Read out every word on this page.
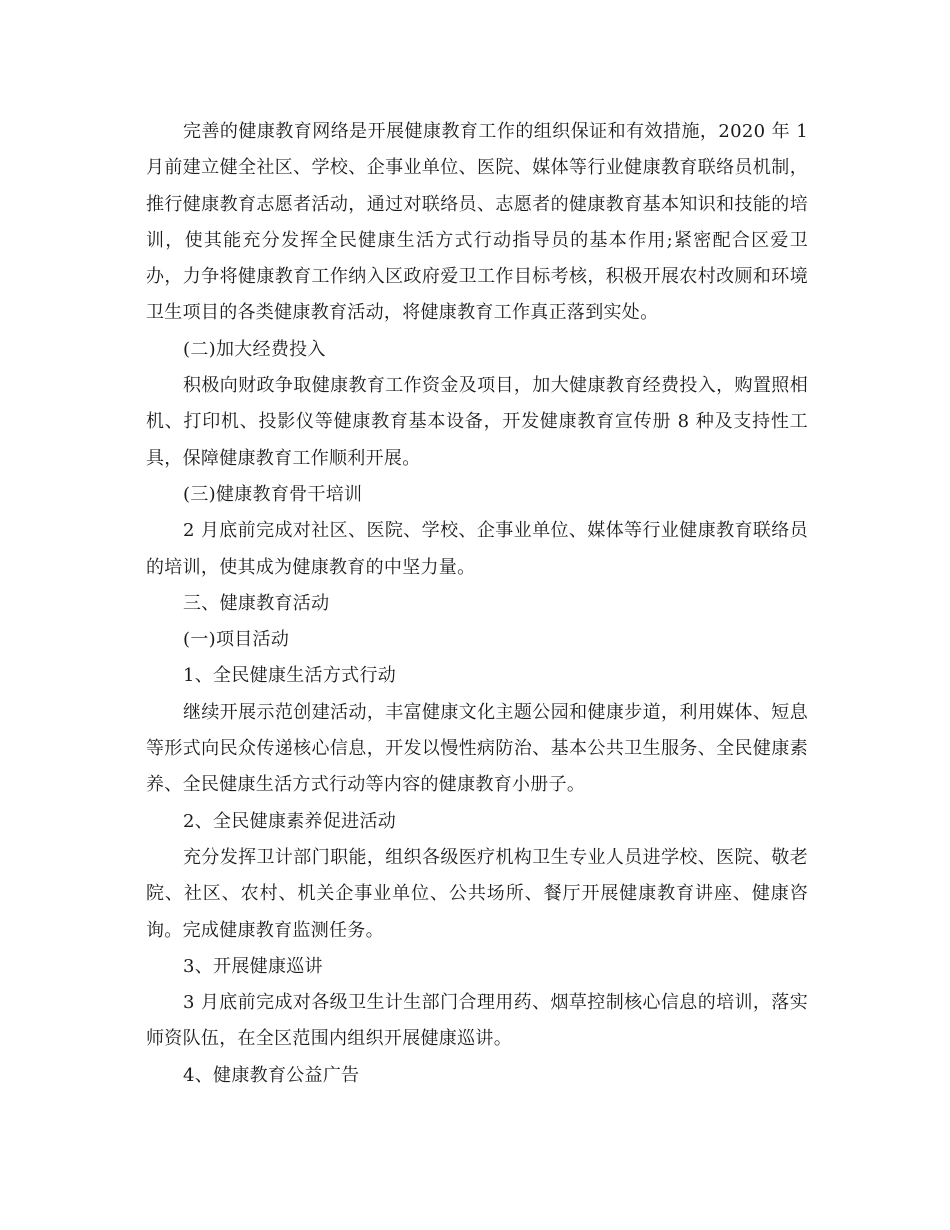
完善的健康教育网络是开展健康教育工作的组织保证和有效措施，2020 年 1 月前建立健全社区、学校、企事业单位、医院、媒体等行业健康教育联络员机制，推行健康教育志愿者活动，通过对联络员、志愿者的健康教育基本知识和技能的培训，使其能充分发挥全民健康生活方式行动指导员的基本作用;紧密配合区爱卫办，力争将健康教育工作纳入区政府爱卫工作目标考核，积极开展农村改厕和环境卫生项目的各类健康教育活动，将健康教育工作真正落到实处。

(二)加大经费投入

积极向财政争取健康教育工作资金及项目，加大健康教育经费投入，购置照相机、打印机、投影仪等健康教育基本设备，开发健康教育宣传册 8 种及支持性工具，保障健康教育工作顺利开展。

(三)健康教育骨干培训

2 月底前完成对社区、医院、学校、企事业单位、媒体等行业健康教育联络员的培训，使其成为健康教育的中坚力量。

三、健康教育活动

(一)项目活动

1、全民健康生活方式行动

继续开展示范创建活动，丰富健康文化主题公园和健康步道，利用媒体、短息等形式向民众传递核心信息，开发以慢性病防治、基本公共卫生服务、全民健康素养、全民健康生活方式行动等内容的健康教育小册子。

2、全民健康素养促进活动

充分发挥卫计部门职能，组织各级医疗机构卫生专业人员进学校、医院、敬老院、社区、农村、机关企事业单位、公共场所、餐厅开展健康教育讲座、健康咨询。完成健康教育监测任务。

3、开展健康巡讲

3 月底前完成对各级卫生计生部门合理用药、烟草控制核心信息的培训，落实师资队伍，在全区范围内组织开展健康巡讲。

4、健康教育公益广告
